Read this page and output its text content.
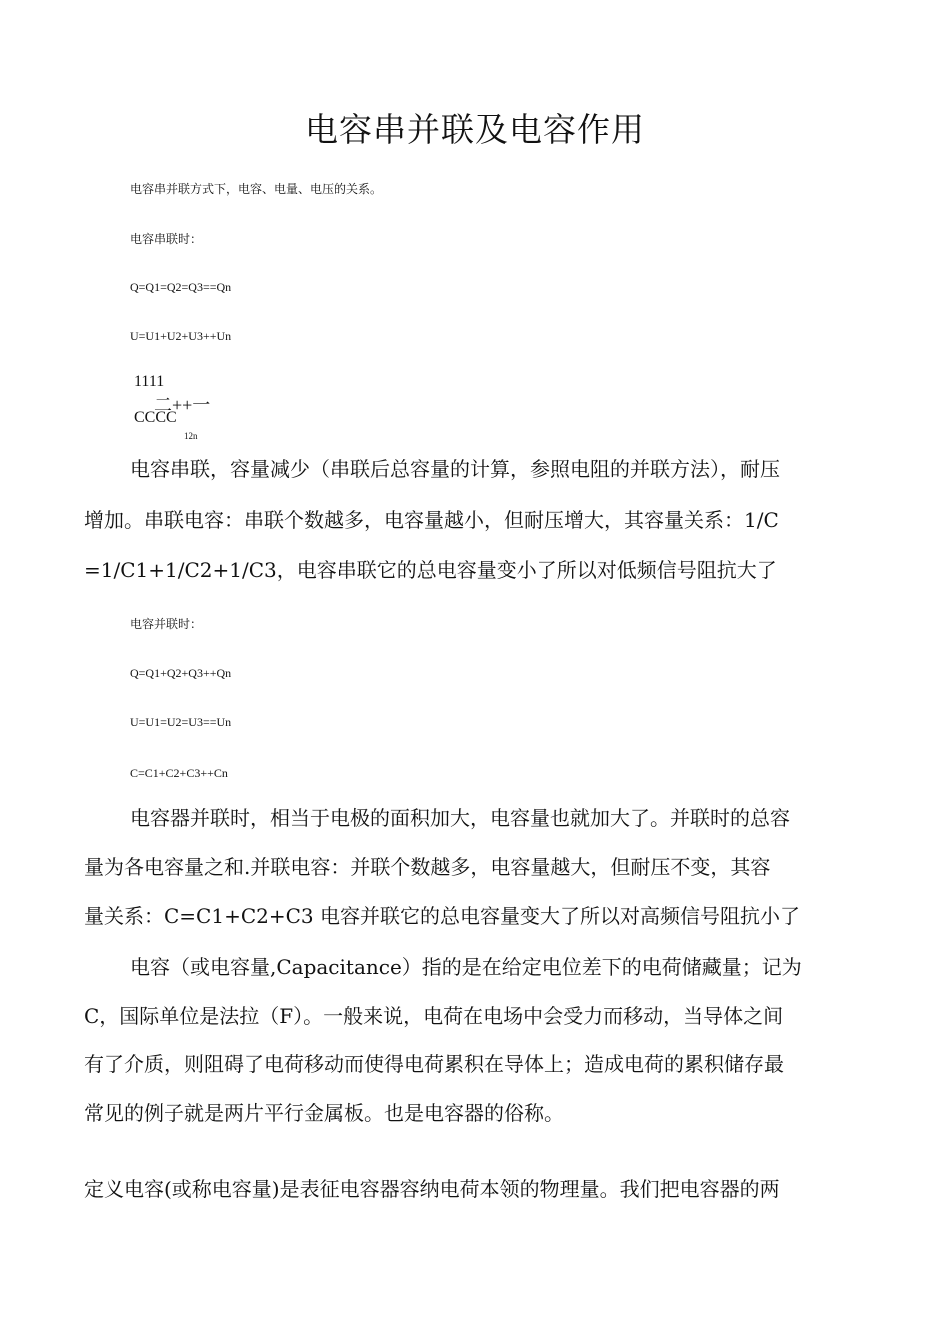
电容串并联及电容作用
电容串并联方式下，电容、电量、电压的关系。
电容串联时：
Q=Q1=Q2=Q3==Qn
U=U1+U2+U3++Un
1111
二++一
CCCC
12n
电容串联，容量减少（串联后总容量的计算，参照电阻的并联方法），耐压
增加。串联电容：串联个数越多，电容量越小，但耐压增大，其容量关系：1/C
=1/C1+1/C2+1/C3，电容串联它的总电容量变小了所以对低频信号阻抗大了
电容并联时：
Q=Q1+Q2+Q3++Qn
U=U1=U2=U3==Un
C=C1+C2+C3++Cn
电容器并联时，相当于电极的面积加大，电容量也就加大了。并联时的总容
量为各电容量之和.并联电容：并联个数越多，电容量越大，但耐压不变，其容
量关系：C=C1+C2+C3 电容并联它的总电容量变大了所以对高频信号阻抗小了
电容（或电容量,Capacitance）指的是在给定电位差下的电荷储藏量；记为
C，国际单位是法拉（F）。一般来说，电荷在电场中会受力而移动，当导体之间
有了介质，则阻碍了电荷移动而使得电荷累积在导体上；造成电荷的累积储存最
常见的例子就是两片平行金属板。也是电容器的俗称。
定义电容(或称电容量)是表征电容器容纳电荷本领的物理量。我们把电容器的两
